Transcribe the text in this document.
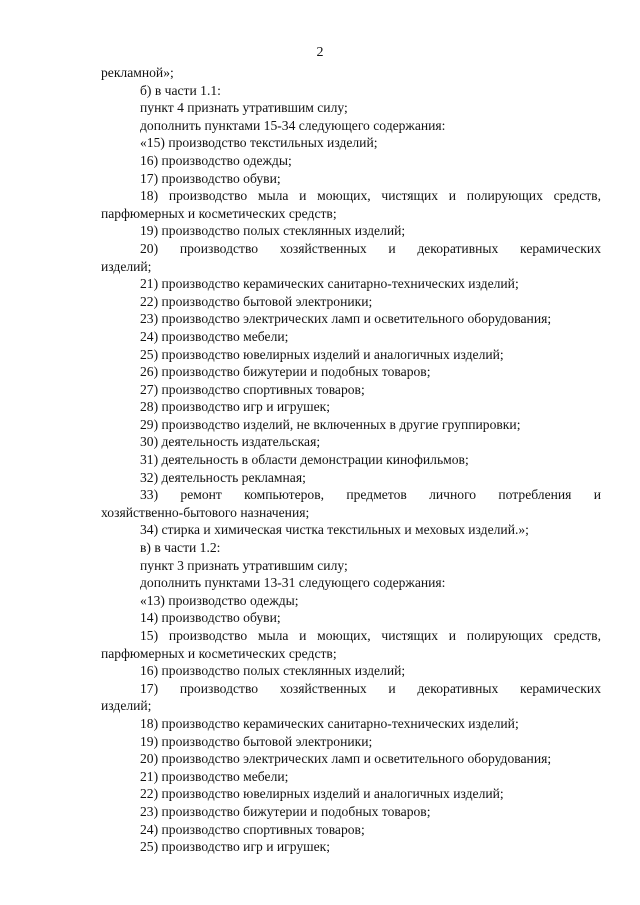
2
рекламной»;
б) в части 1.1:
пункт 4 признать утратившим силу;
дополнить пунктами 15-34 следующего содержания:
«15) производство текстильных изделий;
16) производство одежды;
17) производство обуви;
18) производство мыла и моющих, чистящих и полирующих средств,
парфюмерных и косметических средств;
19) производство полых стеклянных изделий;
20) производство хозяйственных и декоративных керамических
изделий;
21) производство керамических санитарно-технических изделий;
22) производство бытовой электроники;
23) производство электрических ламп и осветительного оборудования;
24) производство мебели;
25) производство ювелирных изделий и аналогичных изделий;
26) производство бижутерии и подобных товаров;
27) производство спортивных товаров;
28) производство игр и игрушек;
29) производство изделий, не включенных в другие группировки;
30) деятельность издательская;
31) деятельность в области демонстрации кинофильмов;
32) деятельность рекламная;
33) ремонт компьютеров, предметов личного потребления и
хозяйственно-бытового назначения;
34) стирка и химическая чистка текстильных и меховых изделий.»;
в) в части 1.2:
пункт 3 признать утратившим силу;
дополнить пунктами 13-31 следующего содержания:
«13) производство одежды;
14) производство обуви;
15) производство мыла и моющих, чистящих и полирующих средств,
парфюмерных и косметических средств;
16) производство полых стеклянных изделий;
17) производство хозяйственных и декоративных керамических
изделий;
18) производство керамических санитарно-технических изделий;
19) производство бытовой электроники;
20) производство электрических ламп и осветительного оборудования;
21) производство мебели;
22) производство ювелирных изделий и аналогичных изделий;
23) производство бижутерии и подобных товаров;
24) производство спортивных товаров;
25) производство игр и игрушек;
